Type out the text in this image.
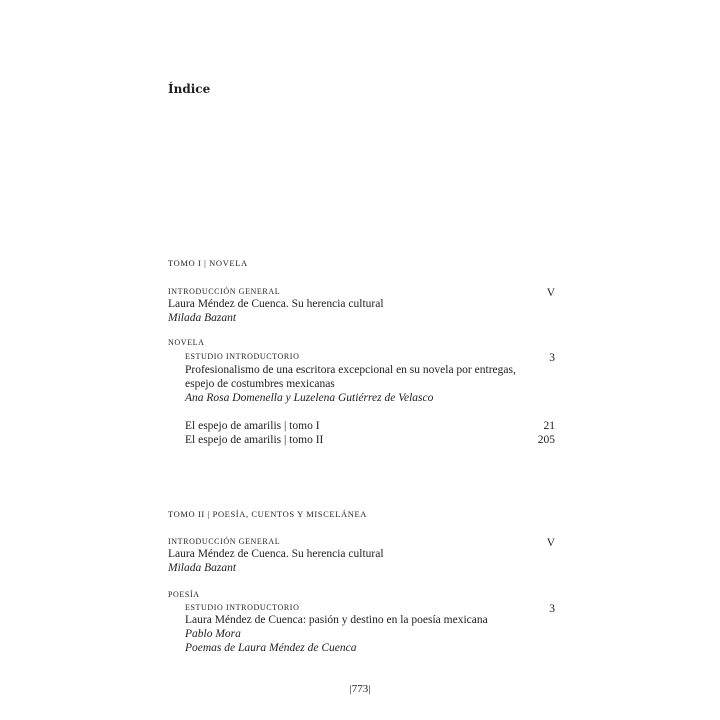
Índice
TOMO I | NOVELA
INTRODUCCIÓN GENERAL	V
Laura Méndez de Cuenca. Su herencia cultural
Milada Bazant
NOVELA
ESTUDIO INTRODUCTORIO	3
Profesionalismo de una escritora excepcional en su novela por entregas,
espejo de costumbres mexicanas
Ana Rosa Domenella y Luzelena Gutiérrez de Velasco
El espejo de amarilis | tomo I	21
El espejo de amarilis | tomo II	205
TOMO II | POESÍA, CUENTOS Y MISCELÁNEA
INTRODUCCIÓN GENERAL	V
Laura Méndez de Cuenca. Su herencia cultural
Milada Bazant
POESÍA
ESTUDIO INTRODUCTORIO	3
Laura Méndez de Cuenca: pasión y destino en la poesía mexicana
Pablo Mora
Poemas de Laura Méndez de Cuenca
|773|
